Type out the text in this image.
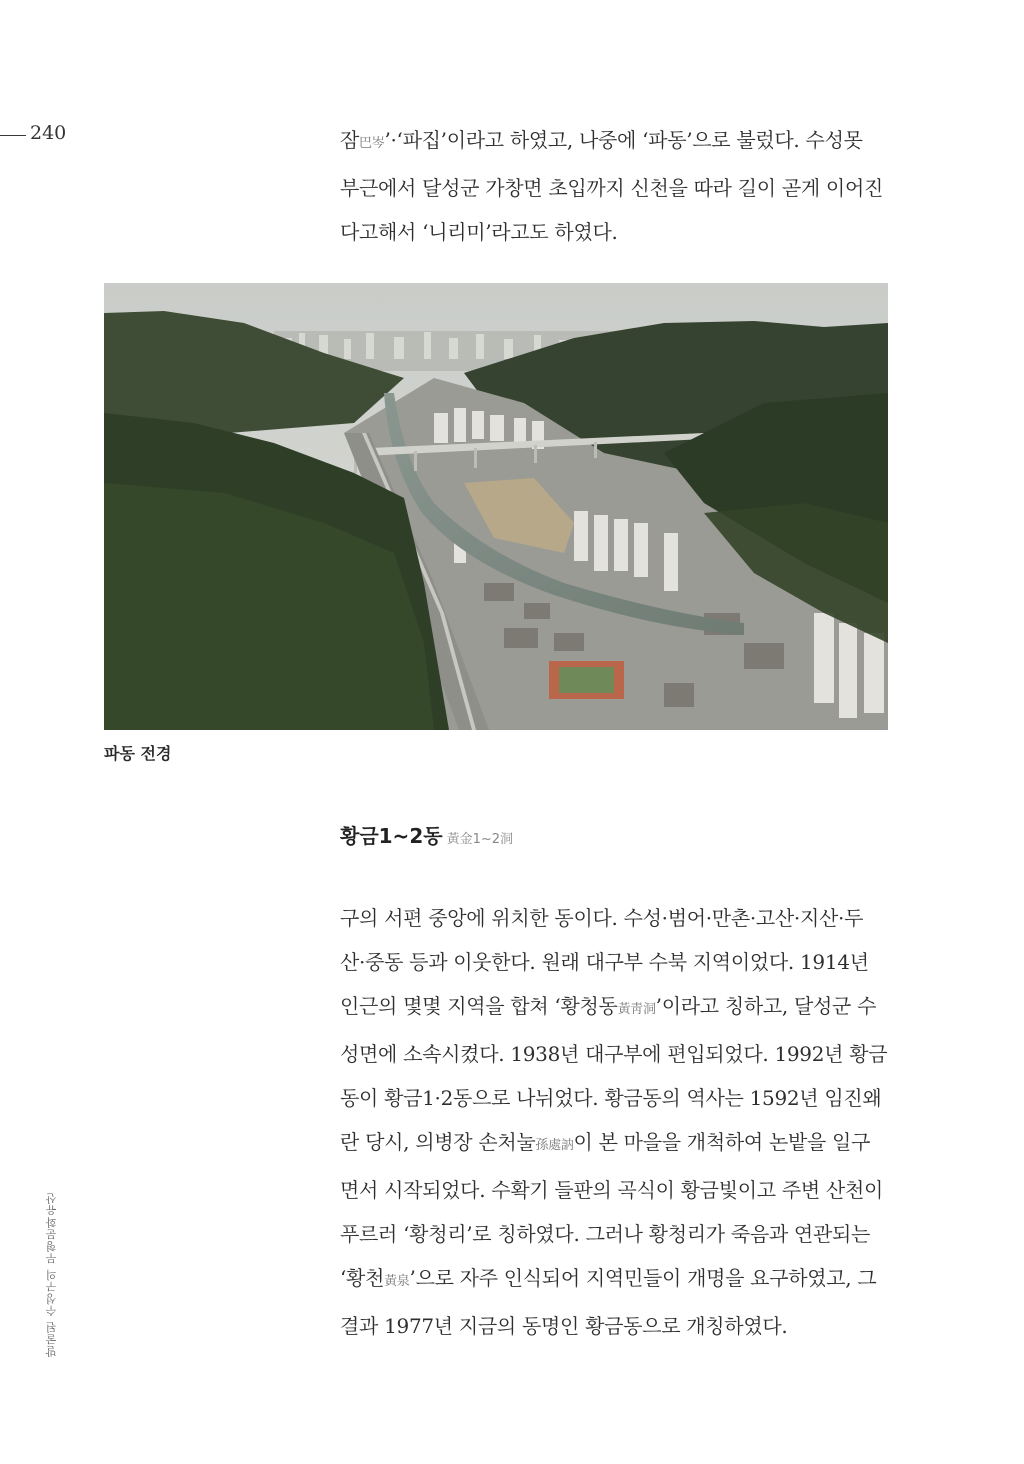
240	잠巴岑’·‘파집’이라고 하였고, 나중에 ‘파동’으로 불렀다. 수성못

부근에서 달성군 가창면 초입까지 신천을 따라 길이 곧게 이어진

다고해서 ‘니리미’라고도 하였다.

파동 전경
황금1~2동 黃金1~2洞

구의 서편 중앙에 위치한 동이다. 수성·범어·만촌·고산·지산·두

산·중동 등과 이웃한다. 원래 대구부 수북 지역이었다. 1914년

인근의 몇몇 지역을 합쳐 ‘황청동黃靑洞’이라고 칭하고, 달성군 수

성면에 소속시켰다. 1938년 대구부에 편입되었다. 1992년 황금

동이 황금1·2동으로 나뉘었다. 황금동의 역사는 1592년 임진왜

란 당시, 의병장 손처눌孫處訥이 본 마을을 개척하여 논밭을 일구

면서 시작되었다. 수확기 들판의 곡식이 황금빛이고 주변 산천이

푸르러 ‘황청리’로 칭하였다. 그러나 황청리가 죽음과 연관되는

‘황천黃泉’으로 자주 인식되어 지역민들이 개명을 요구하였고, 그

결과 1977년 지금의 동명인 황금동으로 개칭하였다.

발굴된 수성구의 무형문화유산
